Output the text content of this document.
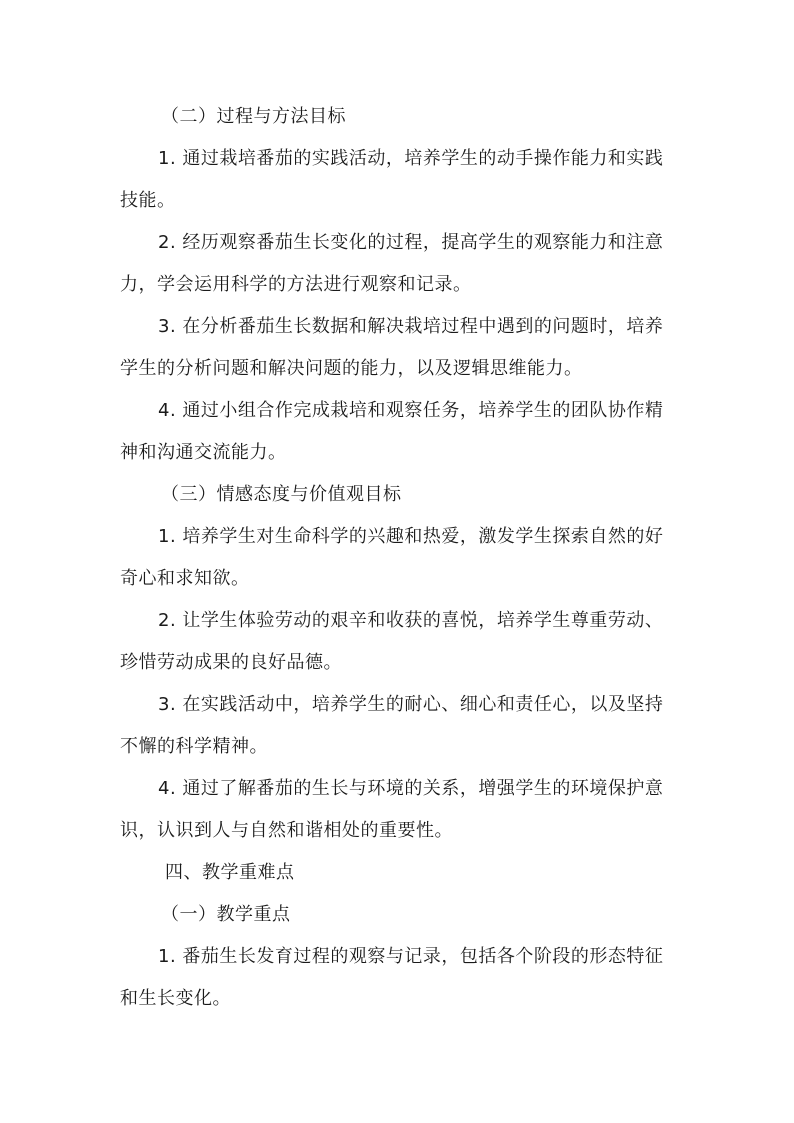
（二）过程与方法目标
1. 通过栽培番茄的实践活动，培养学生的动手操作能力和实践
技能。
2. 经历观察番茄生长变化的过程，提高学生的观察能力和注意
力，学会运用科学的方法进行观察和记录。
3. 在分析番茄生长数据和解决栽培过程中遇到的问题时，培养
学生的分析问题和解决问题的能力，以及逻辑思维能力。
4. 通过小组合作完成栽培和观察任务，培养学生的团队协作精
神和沟通交流能力。
（三）情感态度与价值观目标
1. 培养学生对生命科学的兴趣和热爱，激发学生探索自然的好
奇心和求知欲。
2. 让学生体验劳动的艰辛和收获的喜悦，培养学生尊重劳动、
珍惜劳动成果的良好品德。
3. 在实践活动中，培养学生的耐心、细心和责任心，以及坚持
不懈的科学精神。
4. 通过了解番茄的生长与环境的关系，增强学生的环境保护意
识，认识到人与自然和谐相处的重要性。
四、教学重难点
（一）教学重点
1. 番茄生长发育过程的观察与记录，包括各个阶段的形态特征
和生长变化。
